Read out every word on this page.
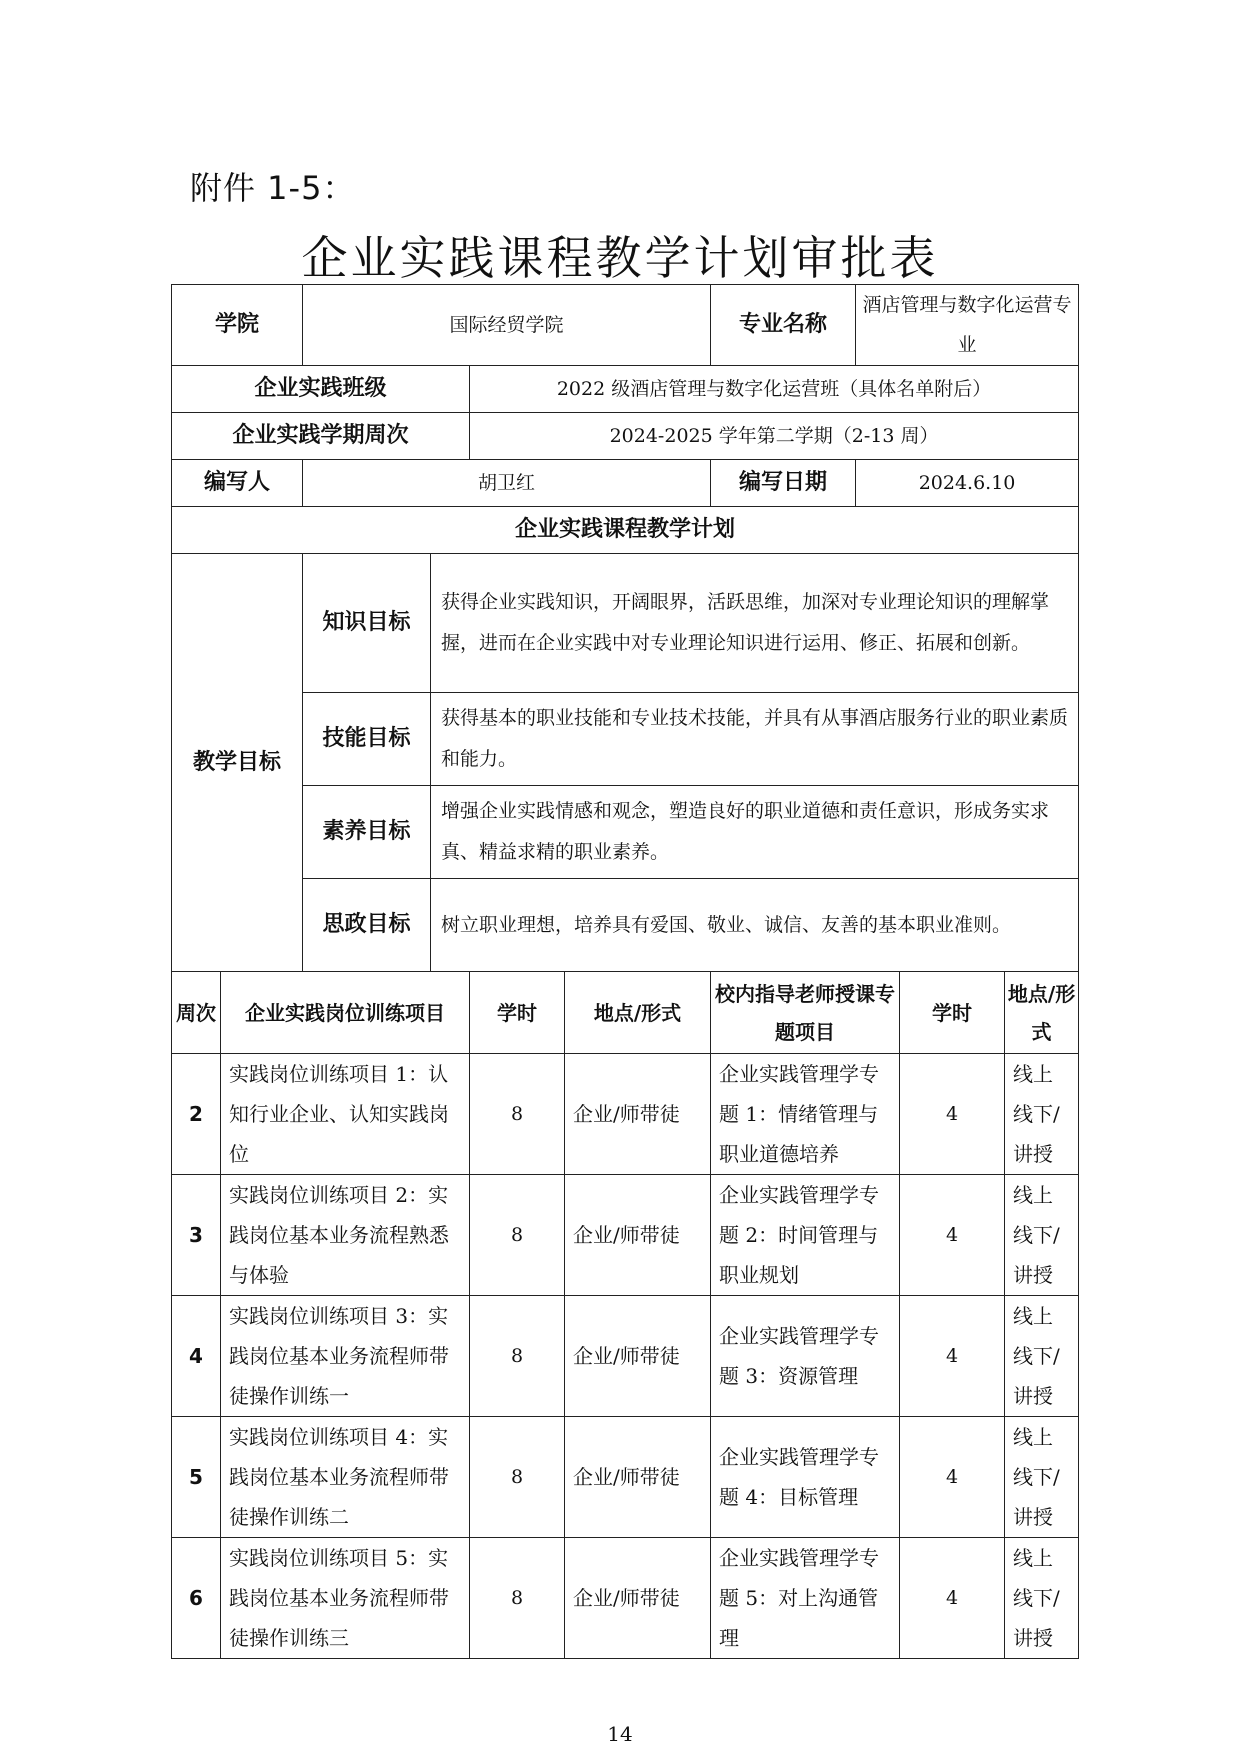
附件 1-5：
企业实践课程教学计划审批表
学院		国际经贸学院				专业名称	酒店管理与数字化运营专业		
企业实践班级				2022 级酒店管理与数字化运营班（具体名单附后）					
企业实践学期周次				2024-2025 学年第二学期（2-13 周）					
编写人		胡卫红				编写日期	2024.6.10		
企业实践课程教学计划									
教学目标		知识目标	获得企业实践知识，开阔眼界，活跃思维，加深对专业理论知识的理解掌握，进而在企业实践中对专业理论知识进行运用、修正、拓展和创新。						
		技能目标	获得基本的职业技能和专业技术技能，并具有从事酒店服务行业的职业素质和能力。						
		素养目标	增强企业实践情感和观念，塑造良好的职业道德和责任意识，形成务实求真、精益求精的职业素养。						
		思政目标	树立职业理想，培养具有爱国、敬业、诚信、友善的基本职业准则。						
周次	企业实践岗位训练项目			学时	地点/形式	校内指导老师授课专题项目		学时	地点/形式
2	实践岗位训练项目 1：认知行业企业、认知实践岗位			8	企业/师带徒	企业实践管理学专题 1：情绪管理与职业道德培养		4	线上线下/讲授
3	实践岗位训练项目 2：实践岗位基本业务流程熟悉与体验			8	企业/师带徒	企业实践管理学专题 2：时间管理与职业规划		4	线上线下/讲授
4	实践岗位训练项目 3：实践岗位基本业务流程师带徒操作训练一			8	企业/师带徒	企业实践管理学专题 3：资源管理		4	线上线下/讲授
5	实践岗位训练项目 4：实践岗位基本业务流程师带徒操作训练二			8	企业/师带徒	企业实践管理学专题 4：目标管理		4	线上线下/讲授
6	实践岗位训练项目 5：实践岗位基本业务流程师带徒操作训练三			8	企业/师带徒	企业实践管理学专题 5：对上沟通管理		4	线上线下/讲授
14
